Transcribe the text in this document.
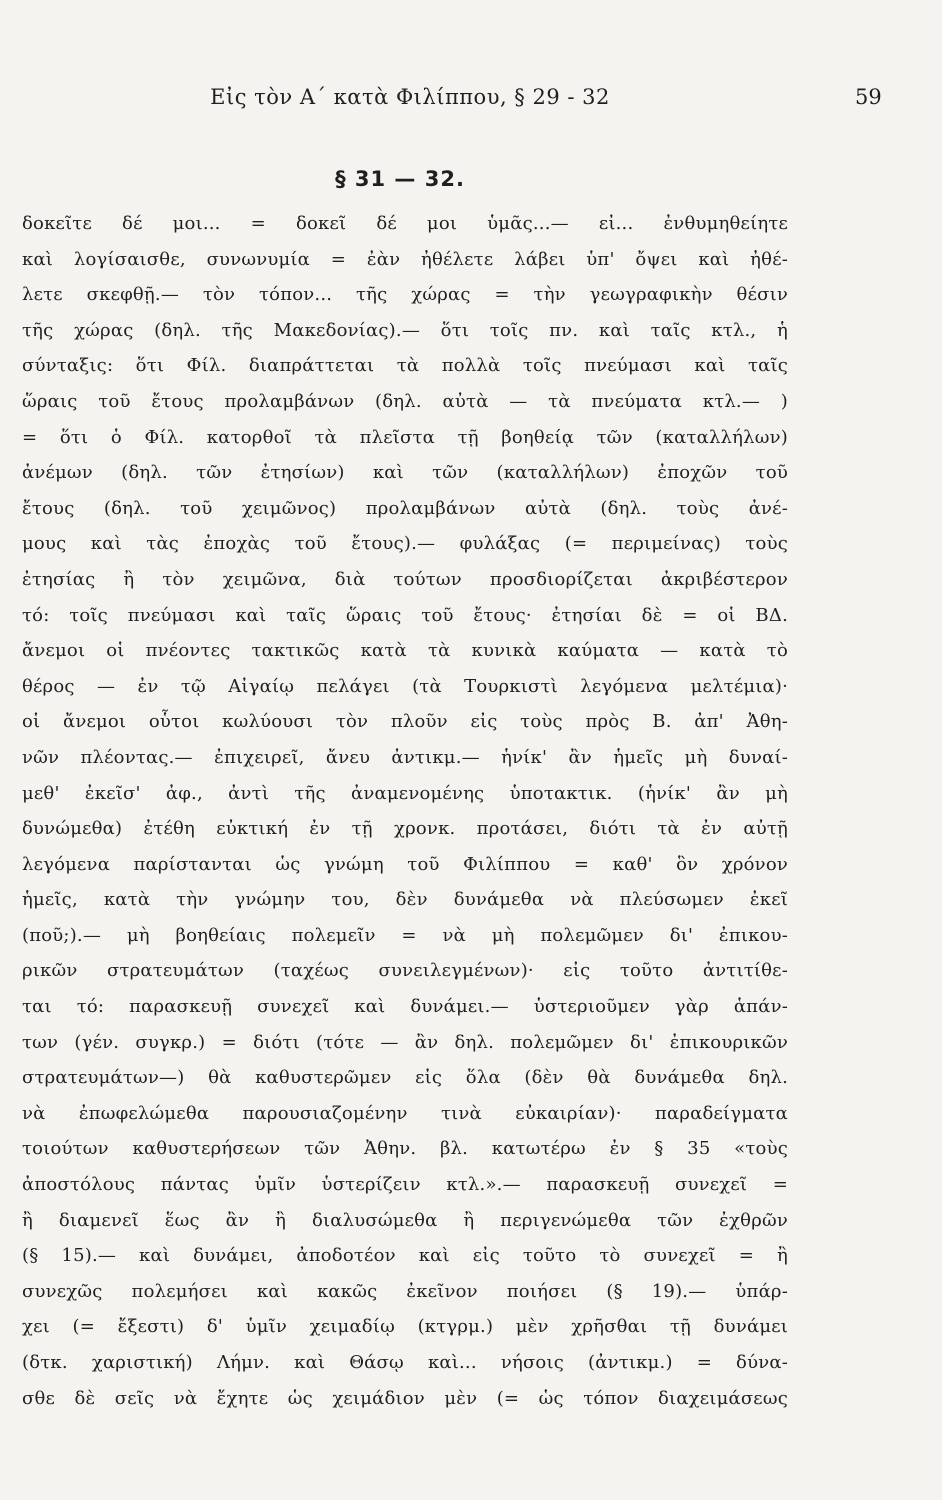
Εἰς τὸν Α΄ κατὰ Φιλίππου, § 29 - 32	59
§ 31 — 32.
δοκεῖτε δέ μοι... = δοκεῖ δέ μοι ὑμᾶς...— εἰ... ἐνθυμηθείητε
καὶ λογίσαισθε, συνωνυμία = ἐὰν ἠθέλετε λάβει ὑπ' ὄψει καὶ ἠθέ-
λετε σκεφθῇ.— τὸν τόπον... τῆς χώρας = τὴν γεωγραφικὴν θέσιν
τῆς χώρας (δηλ. τῆς Μακεδονίας).— ὅτι τοῖς πν. καὶ ταῖς κτλ., ἡ
σύνταξις: ὅτι Φίλ. διαπράττεται τὰ πολλὰ τοῖς πνεύμασι καὶ ταῖς
ὥραις τοῦ ἔτους προλαμβάνων (δηλ. αὐτὰ — τὰ πνεύματα κτλ.— )
= ὅτι ὁ Φίλ. κατορθοῖ τὰ πλεῖστα τῇ βοηθείᾳ τῶν (καταλλήλων)
ἀνέμων (δηλ. τῶν ἐτησίων) καὶ τῶν (καταλλήλων) ἐποχῶν τοῦ
ἔτους (δηλ. τοῦ χειμῶνος) προλαμβάνων αὐτὰ (δηλ. τοὺς ἀνέ-
μους καὶ τὰς ἐποχὰς τοῦ ἔτους).— φυλάξας (= περιμείνας) τοὺς
ἐτησίας ἢ τὸν χειμῶνα, διὰ τούτων προσδιορίζεται ἀκριβέστερον
τό: τοῖς πνεύμασι καὶ ταῖς ὥραις τοῦ ἔτους· ἐτησίαι δὲ = οἱ ΒΔ.
ἄνεμοι οἱ πνέοντες τακτικῶς κατὰ τὰ κυνικὰ καύματα — κατὰ τὸ
θέρος — ἐν τῷ Αἰγαίῳ πελάγει (τὰ Τουρκιστὶ λεγόμενα μελτέμια)·
οἱ ἄνεμοι οὗτοι κωλύουσι τὸν πλοῦν εἰς τοὺς πρὸς Β. ἀπ' Ἀθη-
νῶν πλέοντας.— ἐπιχειρεῖ, ἄνευ ἀντικμ.— ἡνίκ' ἂν ἡμεῖς μὴ δυναί-
μεθ' ἐκεῖσ' ἀφ., ἀντὶ τῆς ἀναμενομένης ὑποτακτικ. (ἡνίκ' ἂν μὴ
δυνώμεθα) ἐτέθη εὐκτική ἐν τῇ χρονκ. προτάσει, διότι τὰ ἐν αὐτῇ
λεγόμενα παρίστανται ὡς γνώμη τοῦ Φιλίππου = καθ' ὃν χρόνον
ἡμεῖς, κατὰ τὴν γνώμην του, δὲν δυνάμεθα νὰ πλεύσωμεν ἐκεῖ
(ποῦ;).— μὴ βοηθείαις πολεμεῖν = νὰ μὴ πολεμῶμεν δι' ἐπικου-
ρικῶν στρατευμάτων (ταχέως συνειλεγμένων)· εἰς τοῦτο ἀντιτίθε-
ται τό: παρασκευῇ συνεχεῖ καὶ δυνάμει.— ὑστεριοῦμεν γὰρ ἁπάν-
των (γέν. συγκρ.) = διότι (τότε — ἂν δηλ. πολεμῶμεν δι' ἐπικουρικῶν
στρατευμάτων—) θὰ καθυστερῶμεν εἰς ὅλα (δὲν θὰ δυνάμεθα δηλ.
νὰ ἐπωφελώμεθα παρουσιαζομένην τινὰ εὐκαιρίαν)· παραδείγματα
τοιούτων καθυστερήσεων τῶν Ἀθην. βλ. κατωτέρω ἐν § 35 «τοὺς
ἀποστόλους πάντας ὑμῖν ὑστερίζειν κτλ.».— παρασκευῇ συνεχεῖ =
ἢ διαμενεῖ ἕως ἂν ἢ διαλυσώμεθα ἢ περιγενώμεθα τῶν ἐχθρῶν
(§ 15).— καὶ δυνάμει, ἀποδοτέον καὶ εἰς τοῦτο τὸ συνεχεῖ = ἢ
συνεχῶς πολεμήσει καὶ κακῶς ἐκεῖνον ποιήσει (§ 19).— ὑπάρ-
χει (= ἔξεστι) δ' ὑμῖν χειμαδίῳ (κτγρμ.) μὲν χρῆσθαι τῇ δυνάμει
(δτκ. χαριστική) Λήμν. καὶ Θάσῳ καὶ... νήσοις (ἀντικμ.) = δύνα-
σθε δὲ σεῖς νὰ ἔχητε ὡς χειμάδιον μὲν (= ὡς τόπον διαχειμάσεως
